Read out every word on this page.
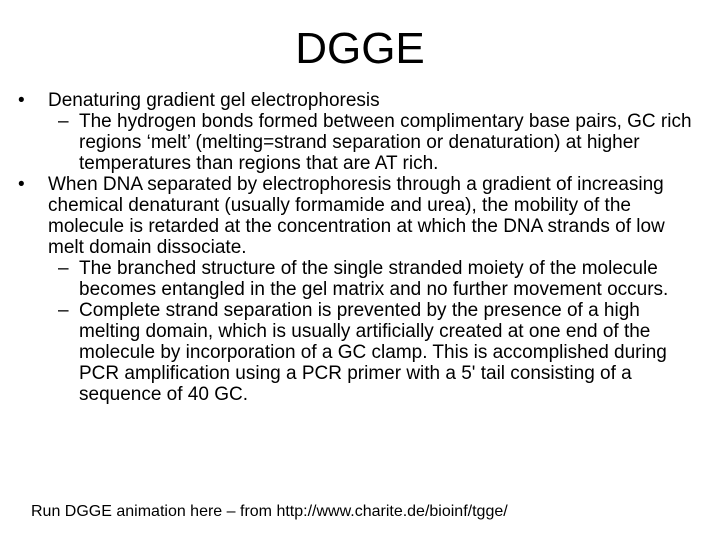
DGGE
•	Denaturing gradient gel electrophoresis
– The hydrogen bonds formed between complimentary base pairs, GC rich regions ‘melt’ (melting=strand separation or denaturation) at higher temperatures than regions that are AT rich.
•	When DNA separated by electrophoresis through a gradient of increasing chemical denaturant (usually formamide and urea), the mobility of the molecule is retarded at the concentration at which the DNA strands of low melt domain dissociate.
– The branched structure of the single stranded moiety of the molecule becomes entangled in the gel matrix and no further movement occurs.
– Complete strand separation is prevented by the presence of a high melting domain, which is usually artificially created at one end of the molecule by incorporation of a GC clamp. This is accomplished during PCR amplification using a PCR primer with a 5' tail consisting of a sequence of 40 GC.
Run DGGE animation here – from http://www.charite.de/bioinf/tgge/
